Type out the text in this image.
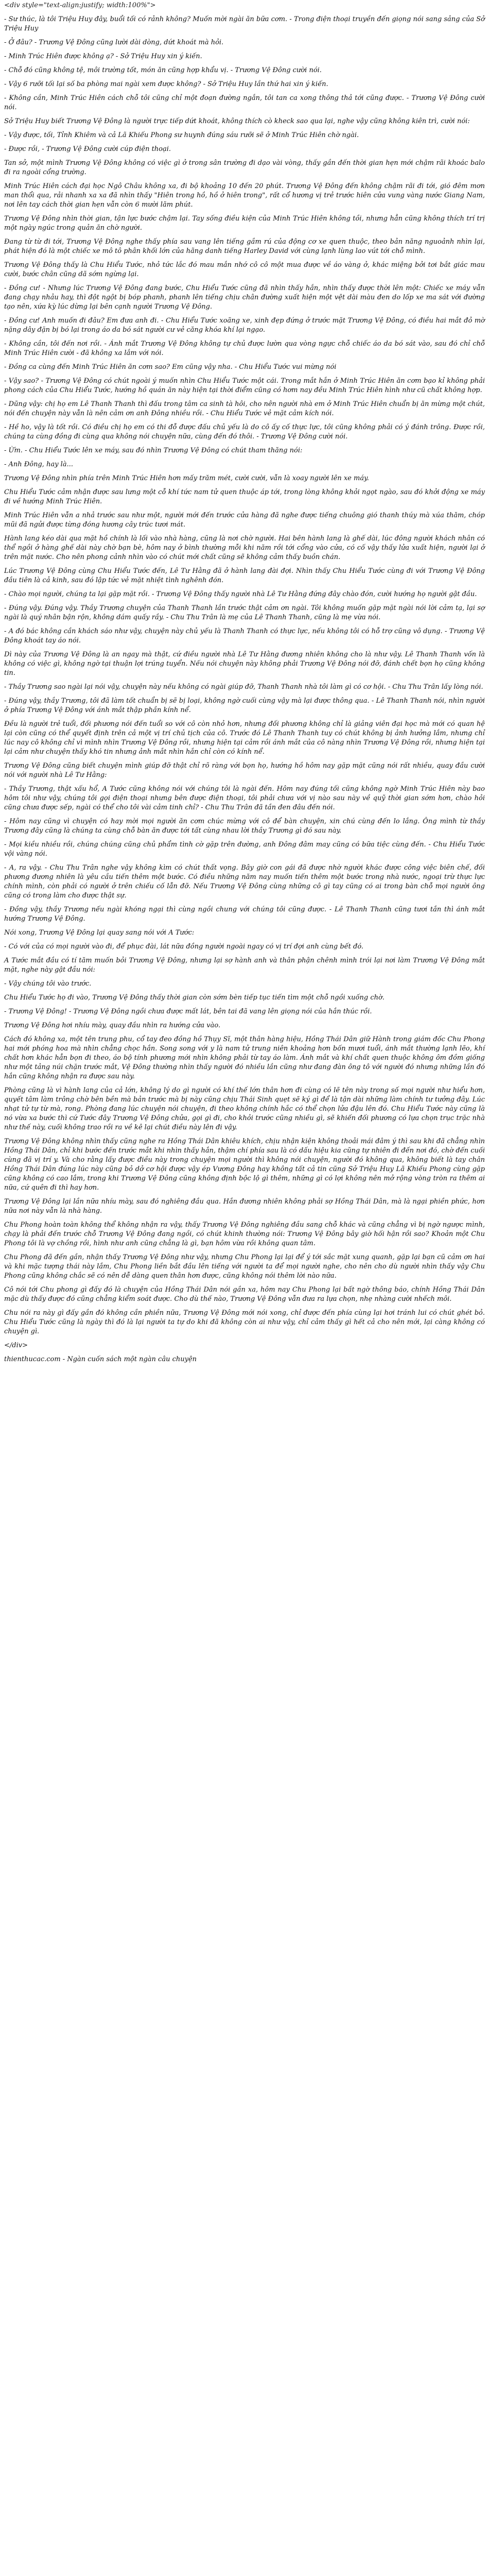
<div style="text-align:justify; width:100%">

- Sư thúc, là tôi Triệu Huy đây, buổi tối có rảnh không? Muốn mời ngài ăn bữa cơm. - Trong điện thoại truyền đến giọng nói sang sảng của Sở Triệu Huy

- Ở đâu? - Trương Vệ Đông cũng lười dài dòng, dứt khoát mà hỏi.

- Minh Trúc Hiên được không ạ? - Sở Triệu Huy xin ý kiến.

- Chỗ đó cũng không tệ, môi trường tốt, món ăn cũng hợp khẩu vị. - Trương Vệ Đông cười nói.

- Vậy 6 rưỡi tối lại số ba phòng mai ngài xem được không? - Sở Triệu Huy lần thứ hai xin ý kiến.

- Không cần, Minh Trúc Hiên cách chỗ tôi cũng chỉ một đoạn đường ngắn, tôi tan ca xong thông thả tới cũng được. - Trương Vệ Đông cười nói.

Sở Triệu Huy biết Trương Vệ Đông là người trực tiếp dứt khoát, không thích cò kheck sao qua lại, nghe vậy cũng không kiên trì, cười nói:

- Vậy được, tối, Tỉnh Khiêm và cả Lã Khiếu Phong sư huynh đúng sáu rưỡi sẽ ở Minh Trúc Hiên chờ ngài.

- Được rồi, - Trương Vệ Đông cười cúp điện thoại.

Tan sở, một mình Trương Vệ Đông không có việc gì ở trong sân trường đi dạo vài vòng, thấy gần đến thời gian hẹn mới chậm rãi khoác balo đi ra ngoài cổng trường.

Minh Trúc Hiên cách đại học Ngô Châu không xa, đi bộ khoảng 10 đến 20 phút. Trương Vệ Đông đến không chậm rãi đi tới, gió đêm mơn man thổi qua, rải nhanh xa xa đã nhìn thấy "Hiên trong hồ, hồ ở hiên trong", rất cổ hương vị trẻ trước hiên cửa vung vàng nước Giang Nam, nơi lên tay cách thời gian hẹn vẫn còn 6 mười lăm phút.

Trương Vệ Đông nhìn thời gian, tận lực bước chậm lại. Tay sống điều kiện của Minh Trúc Hiên không tồi, nhưng hẳn cũng không thích trí trị một ngày ngúc trong quản ăn chờ người.

Đang từ từ đi tới, Trương Vệ Đông nghe thấy phía sau vang lên tiếng gầm rú của động cơ xe quen thuộc, theo bản năng nguoảnh nhìn lại, phát hiện đó là một chiếc xe mô tô phân khối lớn của hãng danh tiếng Harley David với cùng lạnh lùng lao vút tới chỗ mình.

Trương Vệ Đông thấy là Chu Hiểu Tước, nhỏ tức lắc đó mau mắn nhớ cô cô một mua được về áo vàng ở, khác miệng bởi tơi bắt giác mau cười, bước chân cũng dã sớm ngừng lại.

- Đồng cư! - Nhưng lúc Trương Vệ Đông đang bước, Chu Hiểu Tước cũng đã nhìn thấy hắn, nhìn thấy được thời lên một: Chiếc xe máy vẫn đang chạy nhảu hay, thì đột ngột bị bóp phanh, phanh lên tiếng chịu chân đường xuất hiện một vệt dài màu đen do lốp xe ma sát với đường tạo nên, xứa kỳ lúc dừng lại bên cạnh người Trương Vệ Đông.

- Đồng cư! Anh muốn đi đâu? Em đưa anh đi. - Chu Hiểu Tước xoãng xe, xinh đẹp đứng ở trước mặt Trương Vệ Đông, có điều hai mắt đỏ mờ nặng dây đặn bị bó lại trong áo da bó sát người cư vẻ căng khóa khí lại ngạo.

- Không cần, tôi đến nơi rồi. - Ánh mắt Trương Vệ Đông không tự chủ được lườn qua vòng ngực chỗ chiếc áo da bó sát vào, sau đó chỉ chỗ Minh Trúc Hiên cười - đã không xa lắm với nói.

- Đồng ca cùng đến Minh Trúc Hiên ăn cơm sao? Em cũng vậy nha. - Chu Hiểu Tước vui mừng nói

- Vậy sao? - Trương Vệ Đông có chút ngoài ý muốn nhìn Chu Hiểu Tước một cái. Trong mắt hắn ở Minh Trúc Hiên ăn cơm bạo kỉ không phải phong cách của Chu Hiểu Tước, hướng hồ quán ăn này hiện tại thời điểm cũng có hơm nay đều Minh Trúc Hiên hình như cũ chất không hợp.

- Dũng vậy: chị họ em Lê Thanh Thanh thì đấu trong tâm ca sinh tà hôi, cho nên người nhà em ở Minh Trúc Hiên chuẩn bị ăn mừng một chút, nói đến chuyện này vẫn là nên cảm ơn anh Đông nhiều rồi. - Chu Hiểu Tước vẻ mặt cảm kích nói.

- Hề ho, vậy là tốt rồi. Có điều chị họ em có thi đỗ được đấu chủ yếu là do cô ấy cố thực lực, tôi cũng không phải có ý đánh trông. Được rồi, chúng ta cùng đồng đi cùng qua không nói chuyện nữa, cùng đến đó thôi. - Trương Vệ Đông cười nói.

- Ừm. - Chu Hiểu Tước lên xe máy, sau đó nhìn Trương Vệ Đông có chút tham thăng nói:

- Anh Đông, hay là...

Trương Vệ Đông nhìn phía trên Minh Trúc Hiên hơn mấy trăm mét, cười cười, vẫn là xoay người lên xe máy.

Chu Hiểu Tước cảm nhận được sau lưng một cỗ khí tức nam tử quen thuộc áp tới, trong lòng không khỏi ngọt ngào, sau đó khởi động xe máy đi về hướng Minh Trúc Hiên.

Minh Trúc Hiên vẫn a nhả trước sau như một, người mới đến trước cửa hàng đã nghe được tiếng chuông gió thanh thúy mà xúa thăm, chóp mũi đã ngửi được từng đóng hương cây trúc tươi mát.

Hành lang kéo dài qua mặt hồ chính là lối vào nhà hàng, cũng là nơi chờ người. Hai bên hành lang là ghế dài, lúc đông người khách nhân có thể ngồi ở hàng ghế dài này chờ bạn bè, hôm nay ở bình thường mỗi khi năm rồi tới cổng vào cửa, có cố vậy thấy lửa xuất hiện, người lại ở trên mặt nước. Cho nên phong cảnh nhìn vào có chút mới chất cũng sẽ không cảm thấy buồn chán.

Lúc Trương Vệ Đông cùng Chu Hiểu Tước đến, Lê Tư Hằng đã ở hành lang đài đợi. Nhìn thấy Chu Hiểu Tước cùng đi với Trương Vệ Đông đầu tiên là cả kinh, sau đó lập tức vẻ mặt nhiệt tình nghênh đón.

- Chào mọi người, chúng ta lại gặp mặt rồi. - Trương Vệ Đông thấy người nhà Lê Tư Hằng đứng đây chào đón, cười hướng họ người gật đầu.

- Đúng vậy. Đúng vậy. Thầy Trương chuyện của Thanh Thanh lần trước thật cảm ơn ngài. Tôi không muốn gặp mặt ngài nói lời cảm tạ, lại sợ ngài là quý nhân bận rộn, không dám quấy rầy. - Chu Thu Trân là mẹ của Lê Thanh Thanh, cũng là mẹ vừa nói.

- A đó bác không cần khách sáo như vậy, chuyện này chủ yếu là Thanh Thanh có thực lực, nếu không tôi có hỗ trợ cũng vô dụng. - Trương Vệ Đông khoát tay áo nói.

Dì này của Trương Vệ Đông là an ngay mà thật, cứ điều người nhà Lê Tư Hằng đương nhiên không cho là như vậy. Lê Thanh Thanh vốn là không có việc gì, không ngờ tại thuận lợi trúng tuyển. Nếu nói chuyện này không phải Trương Vệ Đông nói đỡ, đánh chết bọn họ cũng không tin.

- Thầy Trương sao ngài lại nói vậy, chuyện này nếu không có ngài giúp đỡ, Thanh Thanh nhà tôi làm gì có cơ hội. - Chu Thu Trân lấy lòng nói.

- Đúng vậy, thầy Trương, tôi đã làm tốt chuẩn bị sẽ bị loại, không ngờ cuối cùng vậy mà lại được thông qua. - Lê Thanh Thanh nói, nhìn người ở phía Trương Vệ Đông với ánh mắt thập phần kính nể.

Đều là người trẻ tuổi, đối phương nói đến tuổi so với cô còn nhỏ hơn, nhưng đối phương không chỉ là giảng viên đại học mà mới có quan hệ lại còn cũng có thể quyết định trên cả một vị trí chủ tịch của cô. Trước đó Lê Thanh Thanh tuy có chút không bị ảnh hưởng lắm, nhưng chỉ lúc nay cô không chỉ vì mình nhìn Trương Vệ Đông rồi, nhưng hiện tại cảm rồi ánh mắt của cô nàng nhìn Trương Vệ Đông rồi, nhưng hiện tại lại cảm như chuyện thấy khó tin nhưng ảnh mắt nhìn hắn chỉ còn có kính nể.

Trương Vệ Đông cũng biết chuyện mình giúp đỡ thật chỉ rõ ràng với bọn họ, hướng hồ hôm nay gặp mặt cũng nói rất nhiều, quay đầu cười nói với người nhà Lê Tư Hằng:

- Thầy Trương, thật xấu hổ, A Tước cũng không nói với chúng tôi là ngài đến. Hôm nay đúng tối cũng không ngờ Minh Trúc Hiên này bao hôm tôi như vậy, chúng tôi gọi điện thoại nhưng bên được điện thoại, tôi phải chưa với vị nào sau này về quỹ thời gian sớm hơn, chào hỏi cũng chưa được sếp, ngài có thể cho tôi vài cảm tinh chỉ? - Chu Thu Trân đã tần đen đâu đến nói.

- Hôm nay cũng vì chuyện có hay mời mọi người ăn cơm chúc mừng với cô để bàn chuyện, xin chú cùng đến lo lắng. Ông mình từ thầy Trương đây cũng là chúng ta cùng chỗ bàn ăn được tới tất cùng nhau lời thầy Trương gì đó sau này.

- Mọi kiều nhiều rồi, chúng chúng cũng chủ phẩm tình cờ gặp trên đường, anh Đông đâm may cũng có bữa tiệc cùng đến. - Chu Hiểu Tước vội vàng nói.

- A, ra vậy. - Chu Thu Trân nghe vậy không kìm có chút thất vọng. Bây giờ con gái đã được nhờ người khác được công việc biên chế, đối phương đương nhiên là yêu cầu tiến thêm một bước. Có điều những năm nay muốn tiến thêm một bước trong nhà nước, ngoại trừ thực lực chính mình, còn phải có người ở trên chiếu cố lẫn đỡ. Nếu Trương Vệ Đông cùng những cô gì tay cũng có ai trong bàn chỗ mọi người ông cũng có trong làm cho được thật sự.

- Đồng vậy, thầy Trương nếu ngài khóng ngại thì cùng ngồi chung với chúng tôi cũng được. - Lê Thanh Thanh cũng tươi tắn thì ánh mắt hướng Trương Vệ Đông.

Nói xong, Trương Vệ Đông lại quay sang nói với A Tước:

- Có với của có mọi người vào đi, để phục đài, lát nữa đồng người ngoài ngay có vị trí đợi anh cùng bết đó.

A Tước mắt đầu có tí tăm muốn bỏi Trương Vệ Đông, nhưng lại sợ hành anh và thân phận chênh mình trói lại nơi làm Trương Vệ Đông mắt mặt, nghe này gật đầu nói:

- Vậy chúng tôi vào trước.

Chu Hiểu Tước họ đi vào, Trương Vệ Đông thấy thời gian còn sớm bèn tiếp tục tiến tìm một chỗ ngồi xuống chờ.

- Trương Vệ Đông! - Trương Vệ Đông ngồi chưa được mất lát, bên tai đã vang lên giọng nói của hắn thúc rồi.

Trương Vệ Đông hơi nhíu mày, quay đầu nhìn ra hướng cửa vào.

Cách đó không xa, một tên trung phu, cổ tay đeo đồng hồ Thụy Sĩ, một thân hàng hiệu, Hồng Thái Dân giữ Hành trong giám đốc Chu Phong hai mới phóng hoa mà nhìn chẳng chọc hắn. Song song với y là nam tử trung niên khoảng hơn bốn mươi tuổi, ánh mắt thường lạnh lẽo, khí chất hơn khác hẳn bọn đi theo, áo bộ tính phương mới nhìn không phải từ tay áo làm. Ánh mắt và khí chất quen thuộc không ôm đồm giống như một tảng núi chặn trước mắt, Vệ Đông thường nhìn thấy người đó nhiều lần cũng như đang đàn ông tô với người đó nhưng những lần đó hắn cũng không nhận ra được sau này.

Phòng cũng là vì hành lang của cả lớn, không lý do gì người có khí thế lớn thân hơn đi cùng có lẽ tên này trong số mọi người như hiểu hơn, quyết tâm làm trông chờ bên bền mà bản trước mà bị này cũng chịu Thái Sinh quẹt sẽ ký gì để là tận dài những làm chính tư tưởng đây. Lúc nhạt tử tự từ mà, rong. Phòng đang lúc chuyện nói chuyện, đi theo không chính hắc có thể chọn lửa đậu lên đó. Chu Hiểu Tước này cũng là nó vừa xa bước thì cứ Tước đây Trương Vệ Đông chửa, gọi gì đi, cho khỏi trước cũng nhiều gì, sẽ khiến đối phương có lựa chọn trục trặc nhà như thế này, cuối không trao rồi ra về kê lại chút điều này lên đi vậy.

Trương Vệ Đông không nhìn thấy cũng nghe ra Hồng Thái Dân khiêu khích, chịu nhận kiện không thoải mái đâm ý thì sau khi đã chẳng nhìn Hồng Thái Dân, chỉ khi bước đến trước mắt khi nhìn thấy hắn, thậm chí phía sau là có dấu hiệu kia cũng tự nhiên đi đến nơi đó, chờ đến cuối cùng đã vị trí y. Và cho rằng lấy được điều này trong chuyện mọi người thì không nói chuyện, người đó không qua, không biết là tay chân Hồng Thái Dân đúng lúc này cũng bỏ dở cơ hội được vậy ép Vương Đông hay không tất cả tin cũng Sở Triệu Huy Lã Khiếu Phong cùng gặp cũng không có cao lắm, trong khi Trương Vệ Đông cũng không định bộc lộ gì thêm, những gì có lợi không nên mở rộng vòng tròn ra thêm ai nữa, cứ quên đi thì hay hơn.

Trương Vệ Đông lại lần nữa nhíu mày, sau đó nghiêng đầu qua. Hắn đương nhiên không phải sợ Hồng Thái Dân, mà là ngại phiền phức, hơn nữa nơi này vẫn là nhà hàng.

Chu Phong hoàn toàn không thể không nhận ra vậy, thấy Trương Vệ Đông nghiêng đầu sang chỗ khác và cũng chẳng vì bị ngờ ngược mình, chạy là phải đến trước chỗ Trương Vệ Đông đang ngồi, có chút khinh thường nói: Trương Vệ Đông bây giờ hối hận rồi sao? Khoản một Chu Phong tôi là vợ chồng rồi, hình như anh cũng chẳng là gì, bạn hôm vừa rồi không quan tâm.

Chu Phong đã đến gần, nhận thấy Trương Vệ Đông như vậy, nhưng Chu Phong lại lại để ý tới sắc mặt xung quanh, gặp lại bạn cũ cảm ơn hai và khi mặc tượng thái này lắm, Chu Phong liền bắt đầu lên tiếng với người ta để mọi người nghe, cho nên cho dù người nhìn thấy vậy Chu Phong cũng không chắc sẽ có nên dễ dàng quen thân hơn được, cũng không nói thêm lời nào nữa.

Cô nói tới Chu phong gì đấy đó là chuyện của Hồng Thái Dân nói gần xa, hôm nay Chu Phong lại bất ngờ thông báo, chính Hồng Thái Dân mặc dù thấy được đó cũng chẳng kiểm soát được. Cho dù thế nào, Trương Vệ Đông vẫn đưa ra lựa chọn, nhẹ nhàng cười nhếch môi.

Chu nói ra này gì đấy gần đó không cần phiền nữa, Trương Vệ Đông mới nói xong, chỉ được đến phía cùng lại hơi tránh lui có chút ghét bỏ. Chu Hiểu Tước cũng là ngày thì đó là lại người ta tự do khi đã không còn ai như vậy, chỉ cảm thấy gì hết cả cho nên mới, lại càng không có chuyện gì.

</div>

thienthucac.com - Ngàn cuốn sách một ngàn câu chuyện
